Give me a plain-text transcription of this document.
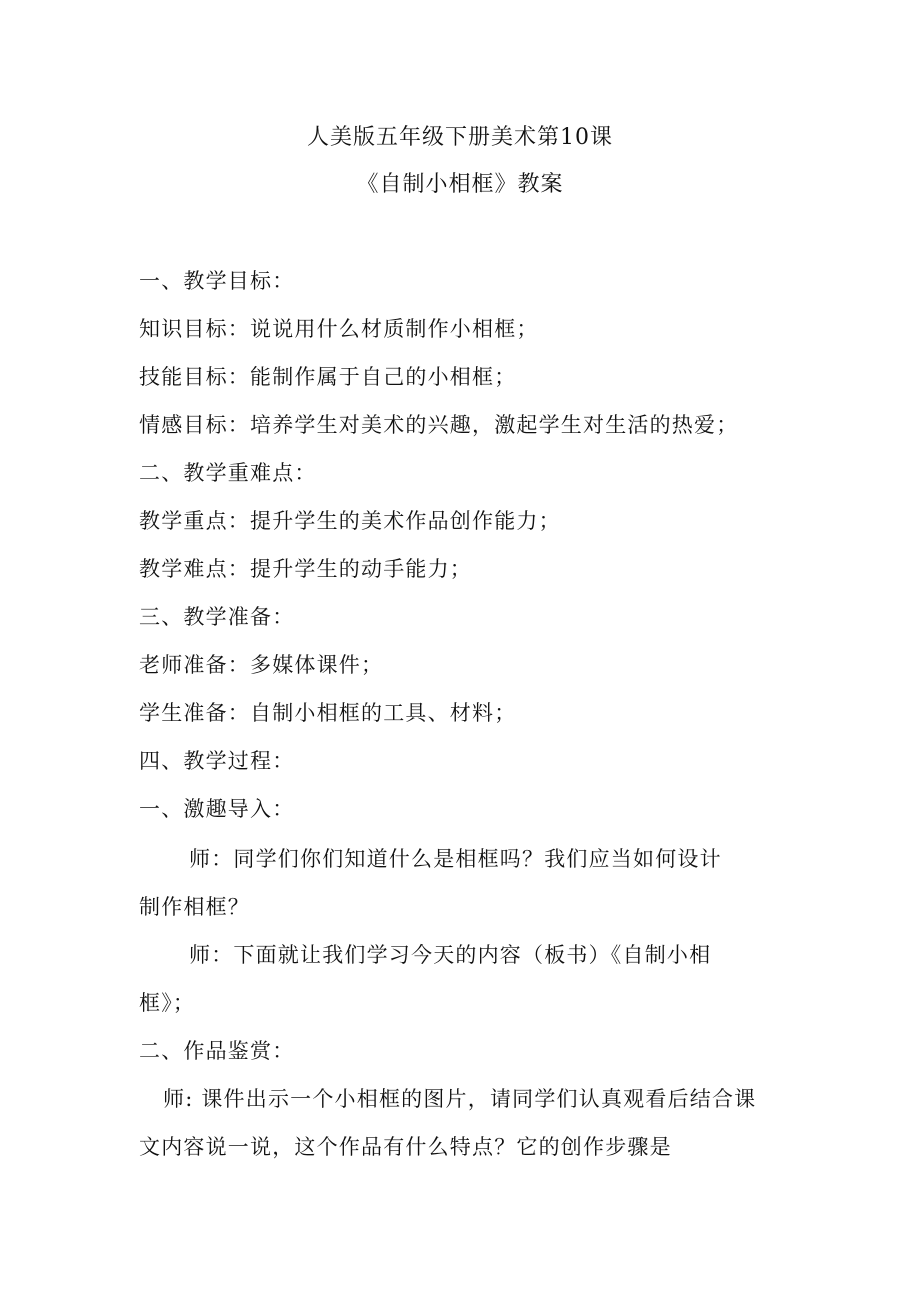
人美版五年级下册美术第10课
《自制小相框》教案
一、教学目标：
知识目标：说说用什么材质制作小相框；
技能目标：能制作属于自己的小相框；
情感目标：培养学生对美术的兴趣，激起学生对生活的热爱；
二、教学重难点：
教学重点：提升学生的美术作品创作能力；
教学难点：提升学生的动手能力；
三、教学准备：
老师准备：多媒体课件；
学生准备：自制小相框的工具、材料；
四、教学过程：
一、激趣导入：
师：同学们你们知道什么是相框吗？我们应当如何设计
制作相框？
师：下面就让我们学习今天的内容（板书）《自制小相
框》；
二、作品鉴赏：
师: 课件出示一个小相框的图片，请同学们认真观看后结合课
文内容说一说，这个作品有什么特点？它的创作步骤是
